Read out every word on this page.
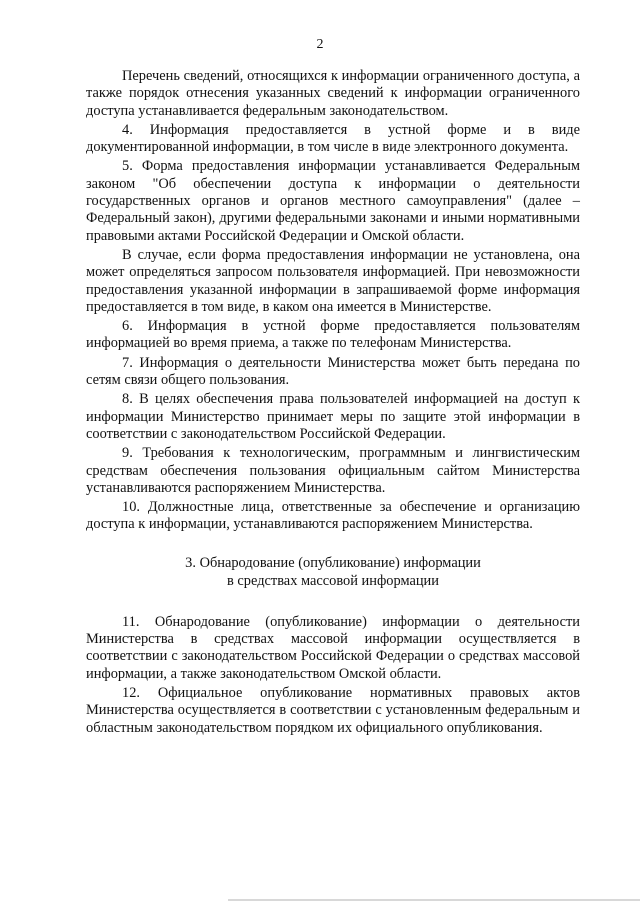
2

Перечень сведений, относящихся к информации ограниченного доступа, а также порядок отнесения указанных сведений к информации ограниченного доступа устанавливается федеральным законодательством.

4. Информация предоставляется в устной форме и в виде документированной информации, в том числе в виде электронного документа.

5. Форма предоставления информации устанавливается Федеральным законом "Об обеспечении доступа к информации о деятельности государственных органов и органов местного самоуправления" (далее – Федеральный закон), другими федеральными законами и иными нормативными правовыми актами Российской Федерации и Омской области.

В случае, если форма предоставления информации не установлена, она может определяться запросом пользователя информацией. При невозможности предоставления указанной информации в запрашиваемой форме информация предоставляется в том виде, в каком она имеется в Министерстве.

6. Информация в устной форме предоставляется пользователям информацией во время приема, а также по телефонам Министерства.

7. Информация о деятельности Министерства может быть передана по сетям связи общего пользования.

8. В целях обеспечения права пользователей информацией на доступ к информации Министерство принимает меры по защите этой информации в соответствии с законодательством Российской Федерации.

9. Требования к технологическим, программным и лингвистическим средствам обеспечения пользования официальным сайтом Министерства устанавливаются распоряжением Министерства.

10. Должностные лица, ответственные за обеспечение и организацию доступа к информации, устанавливаются распоряжением Министерства.

3. Обнародование (опубликование) информации
в средствах массовой информации

11. Обнародование (опубликование) информации о деятельности Министерства в средствах массовой информации осуществляется в соответствии с законодательством Российской Федерации о средствах массовой информации, а также законодательством Омской области.

12. Официальное опубликование нормативных правовых актов Министерства осуществляется в соответствии с установленным федеральным и областным законодательством порядком их официального опубликования.
